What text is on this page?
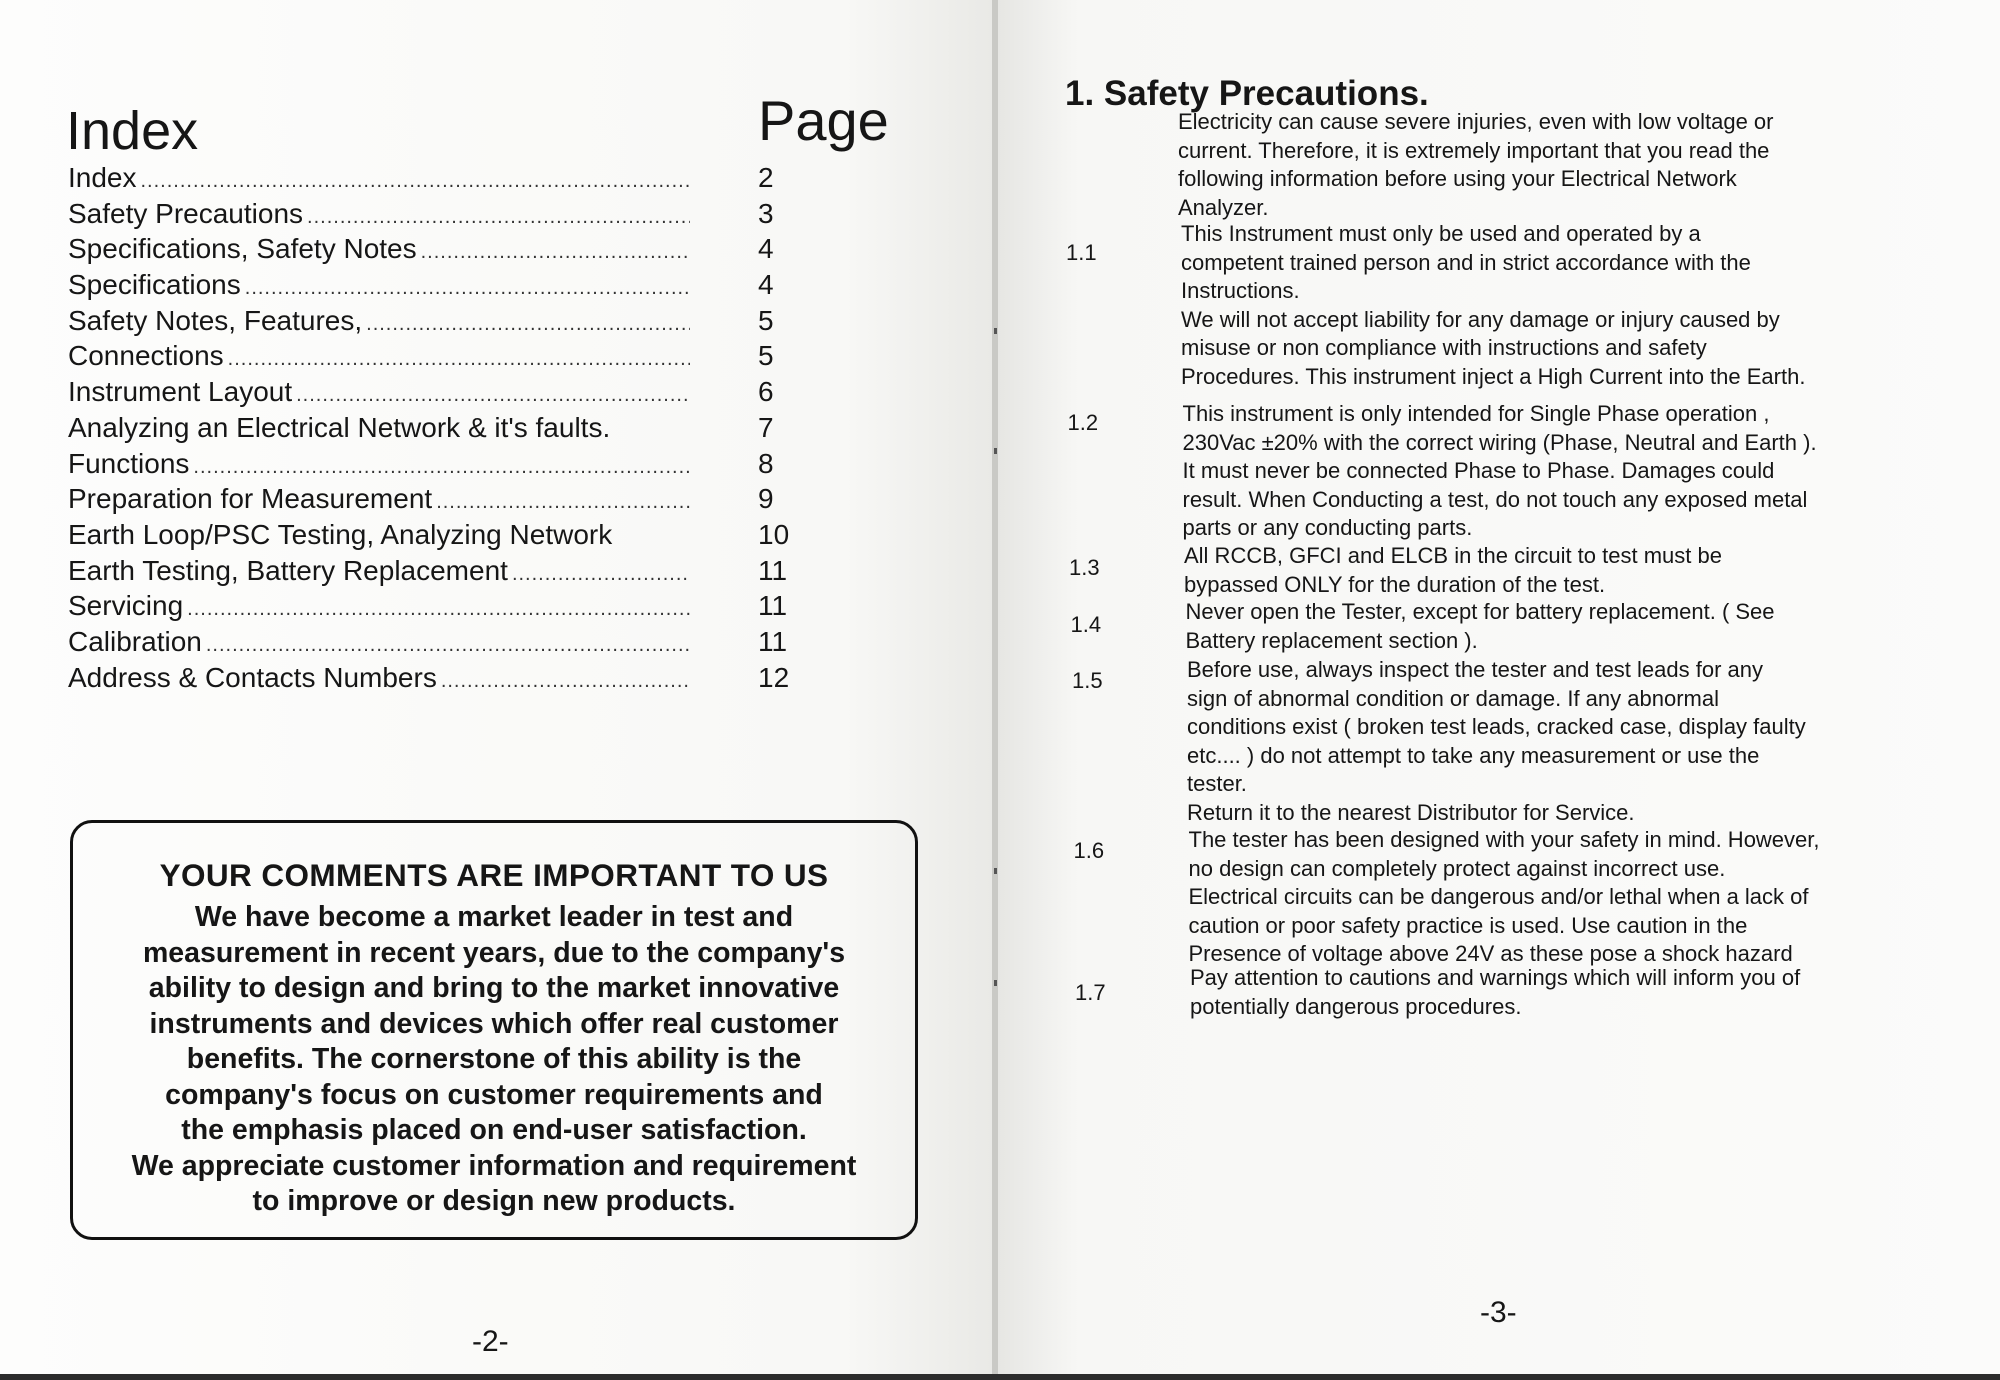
Index	Page
Index .....	2
Safety Precautions .....	3
Specifications, Safety Notes .....	4
Specifications .....	4
Safety Notes, Features, .....	5
Connections .....	5
Instrument Layout .....	6
Analyzing an Electrical Network & it's faults.	7
Functions .....	8
Preparation for Measurement .....	9
Earth Loop/PSC Testing, Analyzing Network	10
Earth Testing, Battery Replacement .....	11
Servicing .....	11
Calibration .....	11
Address & Contacts Numbers .....	12

YOUR COMMENTS ARE IMPORTANT TO US

We have become a market leader in test and
measurement in recent years, due to the company's
ability to design and bring to the market innovative
instruments and devices which offer real customer
benefits. The cornerstone of this ability is the
company's focus on customer requirements and
the emphasis placed on end-user satisfaction.
We appreciate customer information and requirement
to improve or design new products.

-2-
1. Safety Precautions.

Electricity can cause severe injuries, even with low voltage or
current. Therefore, it is extremely important that you read the
following information before using your Electrical Network
Analyzer.

1.1

This Instrument must only be used and operated by a
competent trained person and in strict accordance with the
Instructions.
We will not accept liability for any damage or injury caused by
misuse or non compliance with instructions and safety
Procedures. This instrument inject a High Current into the Earth.

1.2	This instrument is only intended for Single Phase operation ,
230Vac ±20% with the correct wiring (Phase, Neutral and Earth ).
It must never be connected Phase to Phase. Damages could
result. When Conducting a test, do not touch any exposed metal
parts or any conducting parts.

1.3	All RCCB, GFCI and ELCB in the circuit to test must be
bypassed ONLY for the duration of the test.

1.4

Never open the Tester, except for battery replacement. ( See
Battery replacement section ).

1.5	Before use, always inspect the tester and test leads for any
sign of abnormal condition or damage. If any abnormal
conditions exist ( broken test leads, cracked case, display faulty
etc.... ) do not attempt to take any measurement or use the
tester.
Return it to the nearest Distributor for Service.

1.6	The tester has been designed with your safety in mind. However,
no design can completely protect against incorrect use.
Electrical circuits can be dangerous and/or lethal when a lack of
caution or poor safety practice is used. Use caution in the
Presence of voltage above 24V as these pose a shock hazard

1.7

Pay attention to cautions and warnings which will inform you of
potentially dangerous procedures.

-3-
